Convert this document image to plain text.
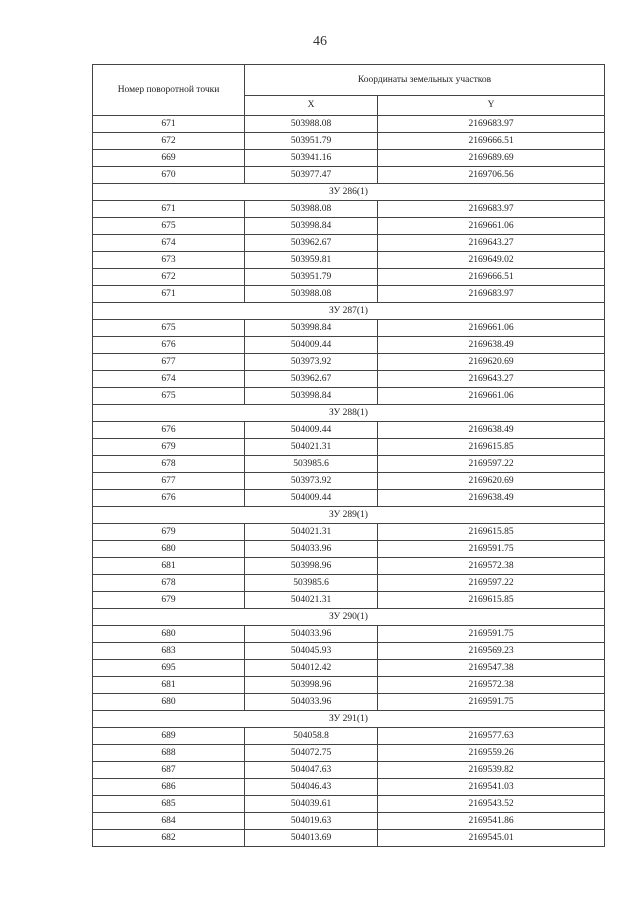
46
Номер поворотной точки	Координаты земельных участков	
	X	Y
671	503988.08	2169683.97
672	503951.79	2169666.51
669	503941.16	2169689.69
670	503977.47	2169706.56
ЗУ 286(1)		
671	503988.08	2169683.97
675	503998.84	2169661.06
674	503962.67	2169643.27
673	503959.81	2169649.02
672	503951.79	2169666.51
671	503988.08	2169683.97
ЗУ 287(1)		
675	503998.84	2169661.06
676	504009.44	2169638.49
677	503973.92	2169620.69
674	503962.67	2169643.27
675	503998.84	2169661.06
ЗУ 288(1)		
676	504009.44	2169638.49
679	504021.31	2169615.85
678	503985.6	2169597.22
677	503973.92	2169620.69
676	504009.44	2169638.49
ЗУ 289(1)		
679	504021.31	2169615.85
680	504033.96	2169591.75
681	503998.96	2169572.38
678	503985.6	2169597.22
679	504021.31	2169615.85
ЗУ 290(1)		
680	504033.96	2169591.75
683	504045.93	2169569.23
695	504012.42	2169547.38
681	503998.96	2169572.38
680	504033.96	2169591.75
ЗУ 291(1)		
689	504058.8	2169577.63
688	504072.75	2169559.26
687	504047.63	2169539.82
686	504046.43	2169541.03
685	504039.61	2169543.52
684	504019.63	2169541.86
682	504013.69	2169545.01
